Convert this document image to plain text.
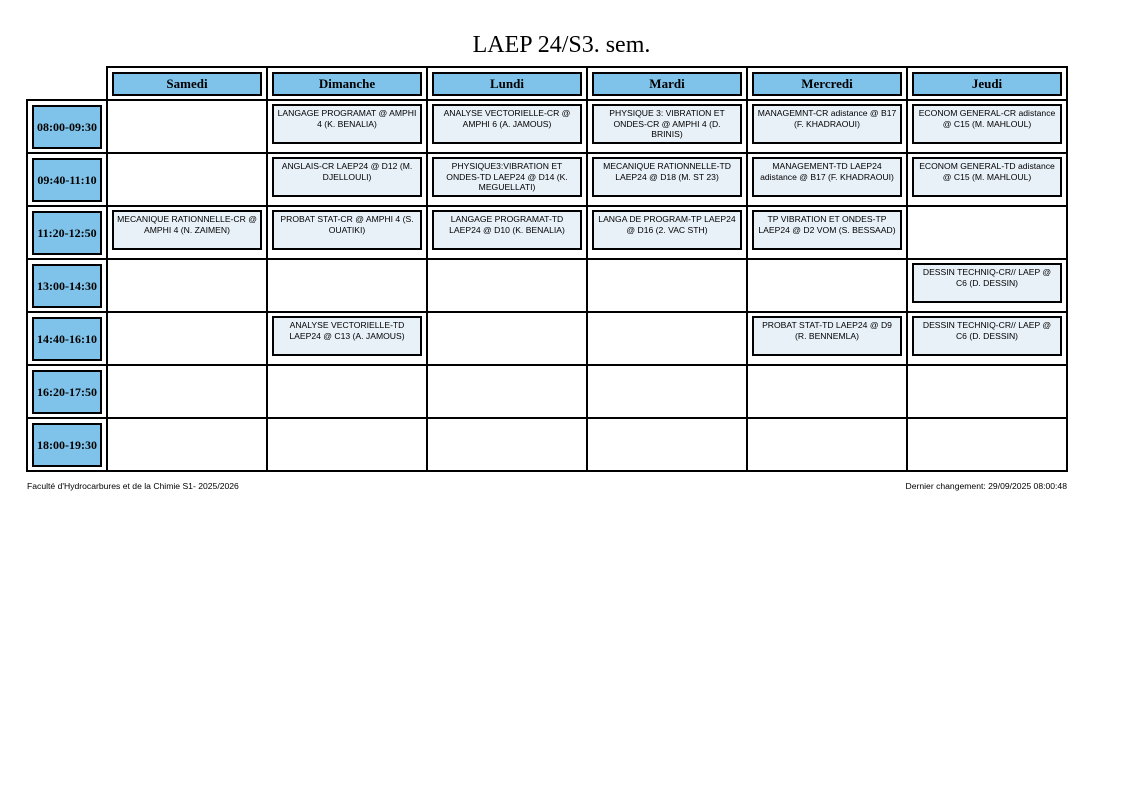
LAEP 24/S3. sem.

Samedi	Dimanche	Lundi	Mardi	Mercredi	Jeudi

08:00-09:30		LANGAGE PROGRAMAT @ AMPHI 4 (K. BENALIA)	ANALYSE VECTORIELLE-CR @ AMPHI 6 (A. JAMOUS)	PHYSIQUE 3: VIBRATION ET ONDES-CR @ AMPHI 4 (D. BRINIS)	MANAGEMNT-CR adistance @ B17 (F. KHADRAOUI)	ECONOM GENERAL-CR adistance @ C15 (M. MAHLOUL)

09:40-11:10		ANGLAIS-CR LAEP24 @ D12 (M. DJELLOULI)	PHYSIQUE3:VIBRATION ET ONDES-TD LAEP24 @ D14 (K. MEGUELLATI)	MECANIQUE RATIONNELLE-TD LAEP24 @ D18 (M. ST 23)	MANAGEMENT-TD LAEP24 adistance @ B17 (F. KHADRAOUI)	ECONOM GENERAL-TD adistance @ C15 (M. MAHLOUL)

11:20-12:50	MECANIQUE RATIONNELLE-CR @ AMPHI 4 (N. ZAIMEN)	PROBAT STAT-CR @ AMPHI 4 (S. OUATIKI)	LANGAGE PROGRAMAT-TD LAEP24 @ D10 (K. BENALIA)	LANGA DE PROGRAM-TP LAEP24 @ D16 (2. VAC STH)	TP VIBRATION ET ONDES-TP LAEP24 @ D2 VOM (S. BESSAAD)	

13:00-14:30						DESSIN TECHNIQ-CR// LAEP @ C6 (D. DESSIN)

14:40-16:10		ANALYSE VECTORIELLE-TD LAEP24 @ C13 (A. JAMOUS)			PROBAT STAT-TD LAEP24 @ D9 (R. BENNEMLA)	DESSIN TECHNIQ-CR// LAEP @ C6 (D. DESSIN)

16:20-17:50						

18:00-19:30						

Faculté d'Hydrocarbures et de la Chimie S1- 2025/2026	Dernier changement: 29/09/2025 08:00:48
